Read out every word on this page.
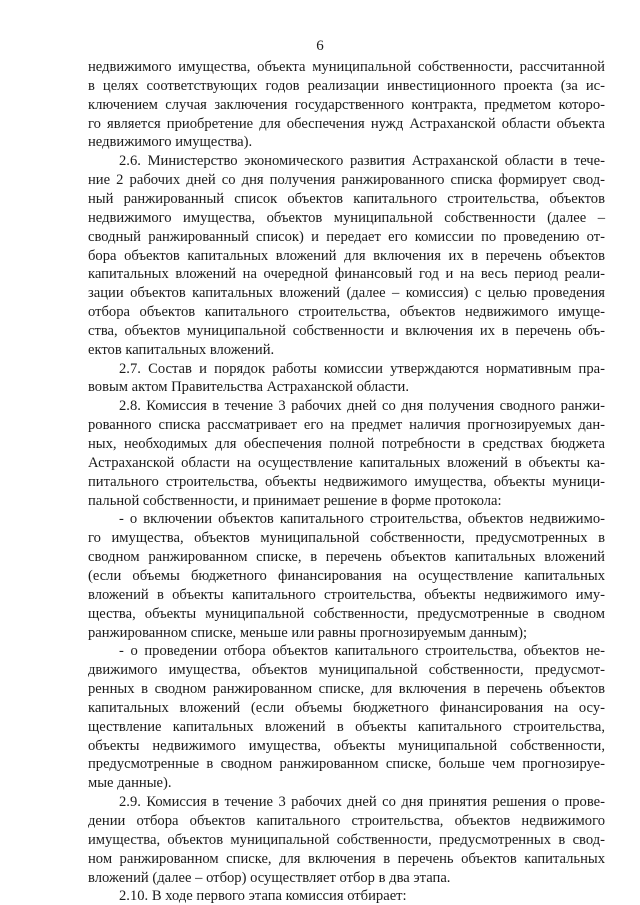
6
недвижимого имущества, объекта муниципальной собственности, рассчитанной
в целях соответствующих годов реализации инвестиционного проекта (за ис-
ключением случая заключения государственного контракта, предметом которо-
го является приобретение для обеспечения нужд Астраханской области объекта
недвижимого имущества).
2.6. Министерство экономического развития Астраханской области в тече-
ние 2 рабочих дней со дня получения ранжированного списка формирует свод-
ный ранжированный список объектов капитального строительства, объектов
недвижимого имущества, объектов муниципальной собственности (далее –
сводный ранжированный список) и передает его комиссии по проведению от-
бора объектов капитальных вложений для включения их в перечень объектов
капитальных вложений на очередной финансовый год и на весь период реали-
зации объектов капитальных вложений (далее – комиссия) с целью проведения
отбора объектов капитального строительства, объектов недвижимого имуще-
ства, объектов муниципальной собственности и включения их в перечень объ-
ектов капитальных вложений.
2.7. Состав и порядок работы комиссии утверждаются нормативным пра-
вовым актом Правительства Астраханской области.
2.8. Комиссия в течение 3 рабочих дней со дня получения сводного ранжи-
рованного списка рассматривает его на предмет наличия прогнозируемых дан-
ных, необходимых для обеспечения полной потребности в средствах бюджета
Астраханской области на осуществление капитальных вложений в объекты ка-
питального строительства, объекты недвижимого имущества, объекты муници-
пальной собственности, и принимает решение в форме протокола:
- о включении объектов капитального строительства, объектов недвижимо-
го имущества, объектов муниципальной собственности, предусмотренных в
сводном ранжированном списке, в перечень объектов капитальных вложений
(если объемы бюджетного финансирования на осуществление капитальных
вложений в объекты капитального строительства, объекты недвижимого иму-
щества, объекты муниципальной собственности, предусмотренные в сводном
ранжированном списке, меньше или равны прогнозируемым данным);
- о проведении отбора объектов капитального строительства, объектов не-
движимого имущества, объектов муниципальной собственности, предусмот-
ренных в сводном ранжированном списке, для включения в перечень объектов
капитальных вложений (если объемы бюджетного финансирования на осу-
ществление капитальных вложений в объекты капитального строительства,
объекты недвижимого имущества, объекты муниципальной собственности,
предусмотренные в сводном ранжированном списке, больше чем прогнозируе-
мые данные).
2.9. Комиссия в течение 3 рабочих дней со дня принятия решения о прове-
дении отбора объектов капитального строительства, объектов недвижимого
имущества, объектов муниципальной собственности, предусмотренных в свод-
ном ранжированном списке, для включения в перечень объектов капитальных
вложений (далее – отбор) осуществляет отбор в два этапа.
2.10. В ходе первого этапа комиссия отбирает:
